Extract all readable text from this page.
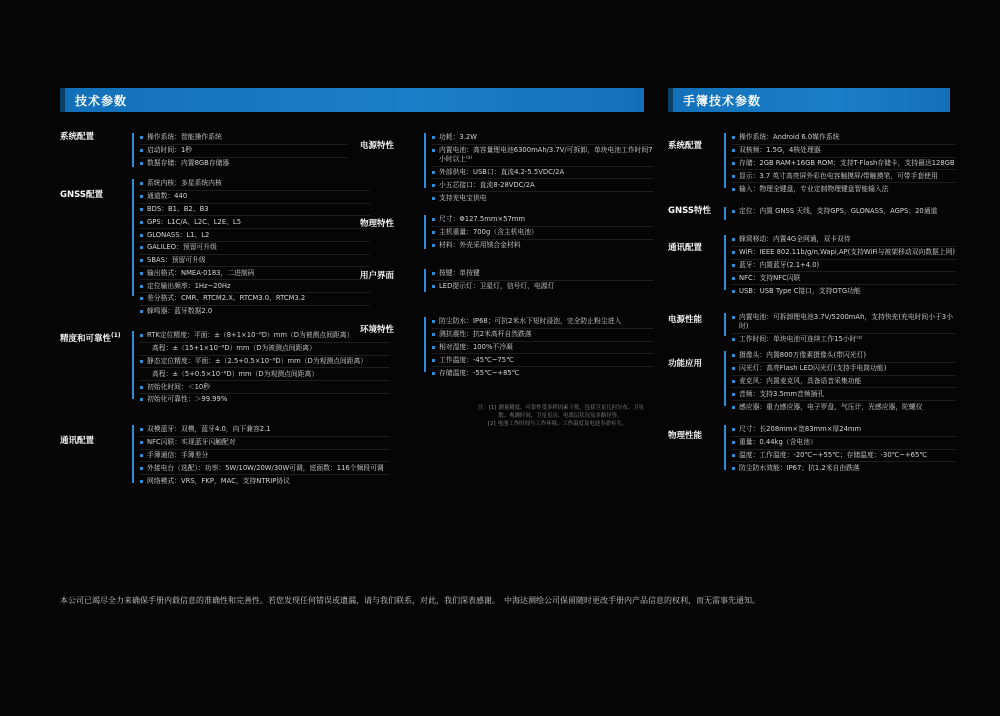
技术参数	手簿技术参数
系统配置	操作系统：智能操作系统
启动时间：1秒
数据存储：内置8GB存储器
GNSS配置
系统内核：多星系统内核
通道数：440
BDS：B1、B2、B3
GPS：L1C/A、L2C、L2E、L5
GLONASS：L1、L2
GALILEO：预留可升级
SBAS：预留可升级
输出格式：NMEA-0183，二进制码
定位输出频率：1Hz~20Hz
差分格式：CMR、RTCM2.X、RTCM3.0、RTCM3.2
蜂鸣器：蓝牙数据2.0
精度和可靠性$^{(1)}$	RTK定位精度：平面：±（8+1×10⁻⁶D）mm（D为被测点间距离）
高程：±（15+1×10⁻⁶D）mm（D为被测点间距离）
静态定位精度：平面：±（2.5+0.5×10⁻⁶D）mm（D为观测点间距离）
高程：±（5+0.5×10⁻⁶D）mm（D为观测点间距离）
初始化时间：＜10秒
初始化可靠性：＞99.99%
通讯配置
双模蓝牙：双模，蓝牙4.0，向下兼容2.1
NFC闪联：实现蓝牙闪触配对
手簿通信：手簿差分
外接电台（选配）：功率：5W/10W/20W/30W可调，底面数：116个频段可调
网络模式：VRS，FKP，MAC，支持NTRIP协议
电源特性
功耗：3.2W
内置电池：高容量锂电池6300mAh/3.7V/可拆卸，单块电池工作时间7小时以上⁽²⁾
外部供电：USB口：直流4.2-5.5VDC/2A
小五芯接口：直流8-28VDC/2A
支持充电宝供电
物理特性	尺寸：Φ127.5mm×57mm
主机重量：700g（含主机电池）
材料：外壳采用镁合金材料
用户界面	按键：单按键
LED提示灯：卫星灯，信号灯，电源灯
环境特性
防尘防水：IP68；可抗2米水下短时浸泡，完全防止粉尘进入
测抗震性：抗2米高杆自然跌落
相对湿度：100%不冷凝
工作温度：-45℃~75℃
存储温度：-55℃~+85℃
注：[1] 测量精度、可靠性受多样因素干扰，包括卫星几何分布、卫星数、观测时间、卫星星历、电离层状况及多路径等。
[2] 电池工作时间与工作环境、工作温度及电池寿命有关。
系统配置
操作系统：Android 6.0媒作系统
双核频：1.5G，4核处理器
存储：2GB RAM+16GB ROM；支持T-Flash存储卡，支持最达128GB
显示：3.7 英寸高亮屏外彩色电容触摸屏/带触摸笔，可带手套使用
输入：物理全键盘，专业定制物理键盘智能输入法
GNSS特性	定位：内置 GNSS 天线，支持GPS，GLONASS，AGPS；20通道
通讯配置
蜂窝移动：内置4G全网通，双卡双待
WiFi：IEEE 802.11b/g/n,Wapi,AP(支持WiFi与被架移动双向数据上网)
蓝牙：内置蓝牙(2.1+4.0)
NFC：支持NFC闪联
USB：USB Type C接口，支持OTG功能
电源性能	内置电池：可拆卸锂电池3.7V/5200mAh，支持快充(充电时间小于3小时)
工作时间：单块电池可连续工作15小时⁽²⁾
功能应用
摄像头：内置800万像素摄像头(带闪光灯)
闪光灯：高亮Flash LED闪光灯(支持手电筒功能)
麦克风：内置麦克风，具备语音采集功能
音频：支持3.5mm音频插孔
感应器：重力感应器，电子罗盘，气压计，光感应器，陀螺仪
物理性能
尺寸：长208mm×宽83mm×厚24mm
重量：0.44kg（含电池）
温度：工作温度：-20℃~+55℃；存储温度：-30℃~+65℃
防尘防水效能：IP67；抗1.2米自由跌落
本公司已竭尽全力来确保手册内载信息的准确性和完善性。若您发现任何错误或遗漏，请与我们联系，对此，我们深表感谢。　中海达测绘公司保留随时更改手册内产品信息的权利，而无需事先通知。
